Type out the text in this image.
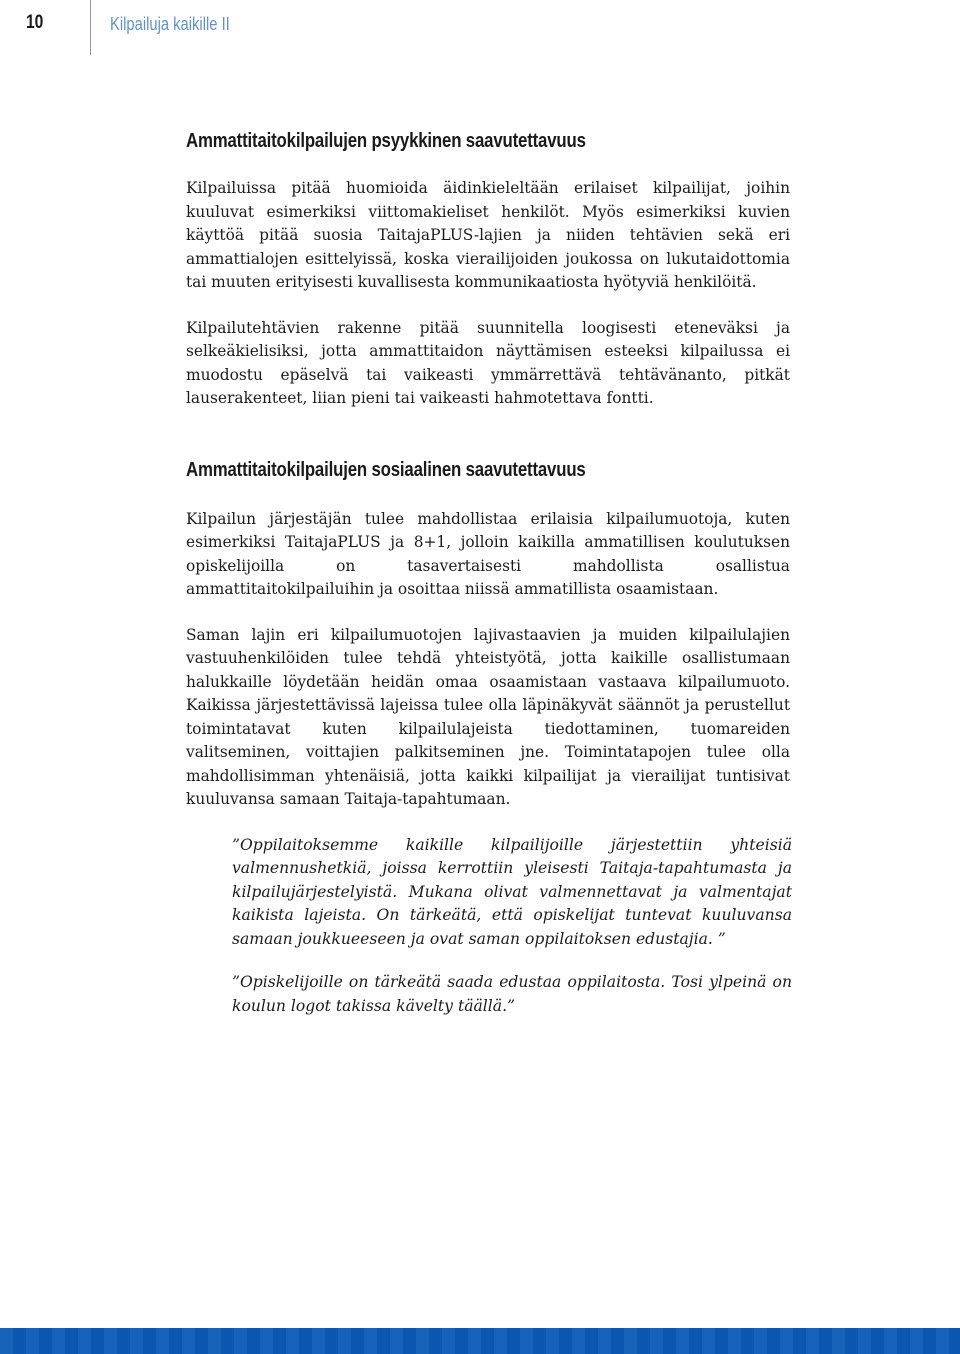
10	Kilpailuja kaikille II
Ammattitaitokilpailujen psyykkinen saavutettavuus

Kilpailuissa pitää huomioida äidinkieleltään erilaiset kilpailijat, joihin kuuluvat esimerkiksi viittomakieliset henkilöt. Myös esimerkiksi kuvien käyttöä pitää suosia TaitajaPLUS-lajien ja niiden tehtävien sekä eri ammattialojen esittelyissä, koska vierailijoiden joukossa on lukutaidottomia tai muuten erityisesti kuvallisesta kommunikaatiosta hyötyviä henkilöitä.

Kilpailutehtävien rakenne pitää suunnitella loogisesti eteneväksi ja selkeäkielisiksi, jotta ammattitaidon näyttämisen esteeksi kilpailussa ei muodostu epäselvä tai vaikeasti ymmärrettävä tehtävänanto, pitkät lauserakenteet, liian pieni tai vaikeasti hahmotettava fontti.

Ammattitaitokilpailujen sosiaalinen saavutettavuus

Kilpailun järjestäjän tulee mahdollistaa erilaisia kilpailumuotoja, kuten esimerkiksi TaitajaPLUS ja 8+1, jolloin kaikilla ammatillisen koulutuksen opiskelijoilla on tasavertaisesti mahdollista osallistua ammattitaitokilpailuihin ja osoittaa niissä ammatillista osaamistaan.

Saman lajin eri kilpailumuotojen lajivastaavien ja muiden kilpailulajien vastuuhenkilöiden tulee tehdä yhteistyötä, jotta kaikille osallistumaan halukkaille löydetään heidän omaa osaamistaan vastaava kilpailumuoto. Kaikissa järjestettävissä lajeissa tulee olla läpinäkyvät säännöt ja perustellut toimintatavat kuten kilpailulajeista tiedottaminen, tuomareiden valitseminen, voittajien palkitseminen jne. Toimintatapojen tulee olla mahdollisimman yhtenäisiä, jotta kaikki kilpailijat ja vierailijat tuntisivat kuuluvansa samaan Taitaja-tapahtumaan.

”Oppilaitoksemme kaikille kilpailijoille järjestettiin yhteisiä valmennushetkiä, joissa kerrottiin yleisesti Taitaja-tapahtumasta ja kilpailujärjestelyistä. Mukana olivat valmennettavat ja valmentajat kaikista lajeista. On tärkeätä, että opiskelijat tuntevat kuuluvansa samaan joukkueeseen ja ovat saman oppilaitoksen edustajia. ”

”Opiskelijoille on tärkeätä saada edustaa oppilaitosta. Tosi ylpeinä on koulun logot takissa kävelty täällä.”
